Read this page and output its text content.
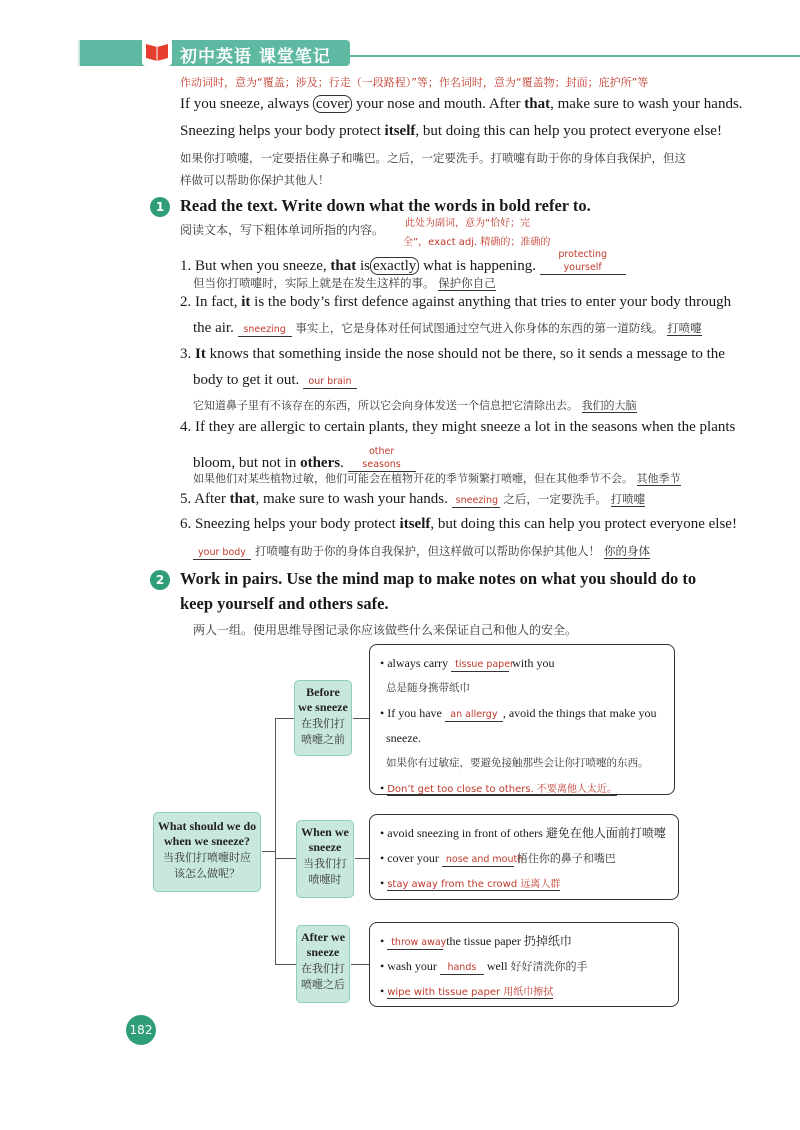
初中英语 课堂笔记
作动词时，意为“覆盖；涉及；行走（一段路程）”等；作名词时，意为“覆盖物；封面；庇护所”等
If you sneeze, always cover your nose and mouth. After that, make sure to wash your hands.
Sneezing helps your body protect itself, but doing this can help you protect everyone else!
如果你打喷嚏，一定要捂住鼻子和嘴巴。之后，一定要洗手。打喷嚏有助于你的身体自我保护，但这
样做可以帮助你保护其他人！
1 Read the text. Write down what the words in bold refer to.
阅读文本，写下粗体单词所指的内容。 此处为副词，意为“恰好；完
全”，exact adj. 精确的；准确的
1. But when you sneeze, that is exactly what is happening. protecting yourself
但当你打喷嚏时，实际上就是在发生这样的事。 保护你自己
2. In fact, it is the body’s first defence against anything that tries to enter your body through
the air. sneezing 事实上，它是身体对任何试图通过空气进入你身体的东西的第一道防线。 打喷嚏
3. It knows that something inside the nose should not be there, so it sends a message to the
body to get it out. our brain
它知道鼻子里有不该存在的东西，所以它会向身体发送一个信息把它清除出去。 我们的大脑
4. If they are allergic to certain plants, they might sneeze a lot in the seasons when the plants
bloom, but not in others. other seasons
如果他们对某些植物过敏，他们可能会在植物开花的季节频繁打喷嚏，但在其他季节不会。 其他季节
5. After that, make sure to wash your hands. sneezing 之后，一定要洗手。 打喷嚏
6. Sneezing helps your body protect itself, but doing this can help you protect everyone else!
your body 打喷嚏有助于你的身体自我保护，但这样做可以帮助你保护其他人！ 你的身体
2 Work in pairs. Use the mind map to make notes on what you should do to
keep yourself and others safe.
两人一组。使用思维导图记录你应该做些什么来保证自己和他人的安全。
What should we do
when we sneeze?
当我们打喷嚏时应
该怎么做呢？
Before
we sneeze
在我们打
喷嚏之前
• always carry tissue paper with you
总是随身携带纸巾
• If you have an allergy , avoid the things that make you
sneeze.
如果你有过敏症，要避免接触那些会让你打喷嚏的东西。
• Don’t get too close to others. 不要离他人太近。
When we
sneeze
当我们打
喷嚏时
• avoid sneezing in front of others 避免在他人面前打喷嚏
• cover your nose and mouth 捂住你的鼻子和嘴巴
• stay away from the crowd 远离人群
After we
sneeze
在我们打
喷嚏之后
• throw away the tissue paper 扔掉纸巾
• wash your hands well 好好清洗你的手
• wipe with tissue paper 用纸巾擦拭
182
